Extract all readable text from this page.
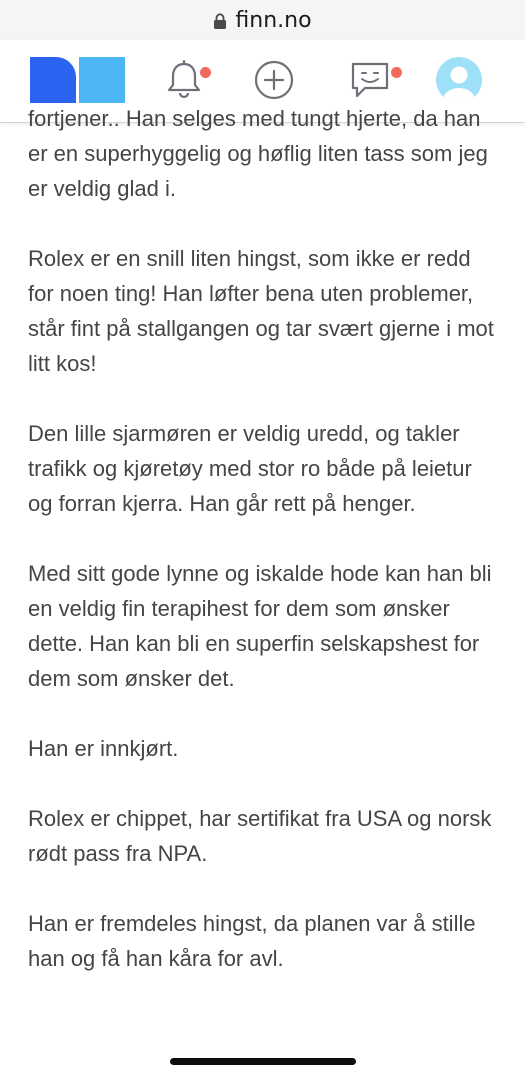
finn.no

fortjener.. Han selges med tungt hjerte, da han er en superhyggelig og høflig liten tass som jeg er veldig glad i.

Rolex er en snill liten hingst, som ikke er redd for noen ting! Han løfter bena uten problemer, står fint på stallgangen og tar svært gjerne i mot litt kos!

Den lille sjarmøren er veldig uredd, og takler trafikk og kjøretøy med stor ro både på leietur og forran kjerra. Han går rett på henger.

Med sitt gode lynne og iskalde hode kan han bli en veldig fin terapihest for dem som ønsker dette. Han kan bli en superfin selskapshest for dem som ønsker det.

Han er innkjørt.

Rolex er chippet, har sertifikat fra USA og norsk rødt pass fra NPA.

Han er fremdeles hingst, da planen var å stille han og få han kåra for avl.
